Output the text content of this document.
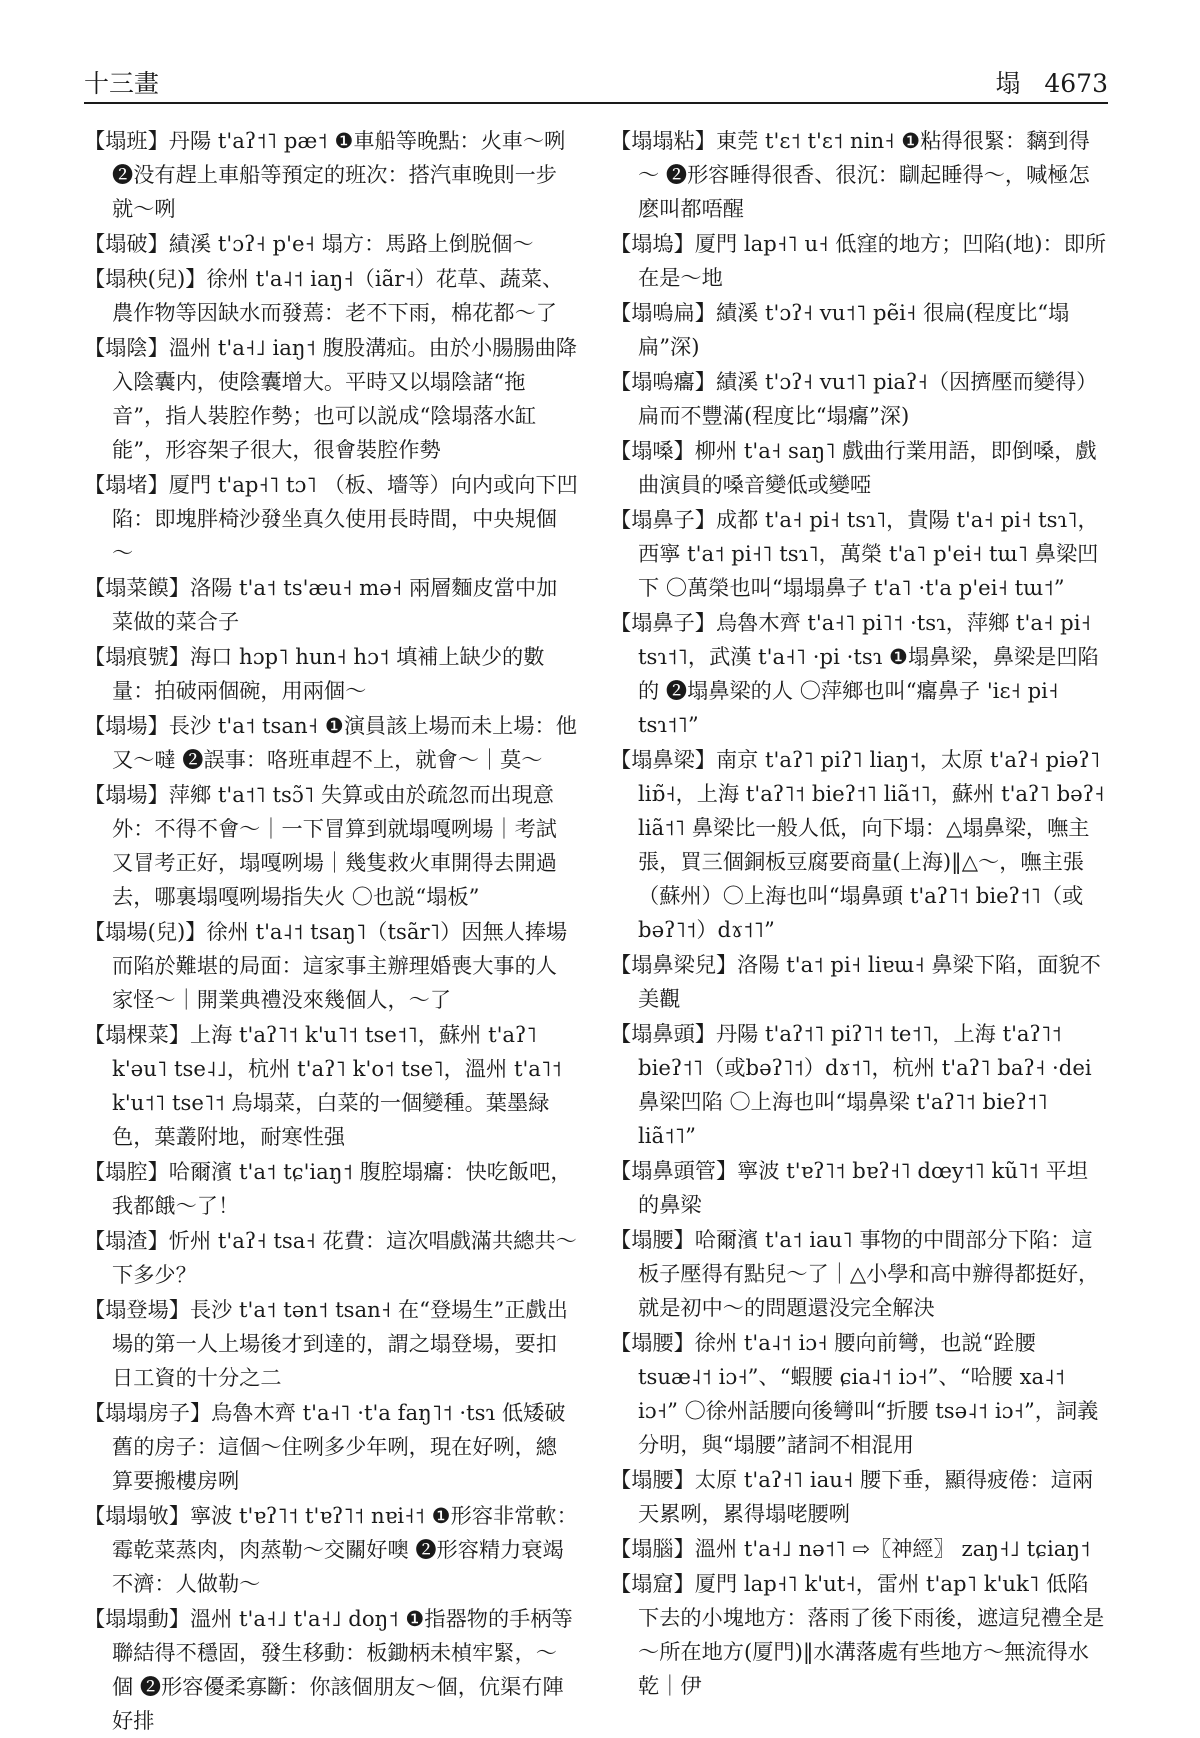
十三畫	塌 4673

【塌班】丹陽 t'aʔ˦˥ pæ˦ ❶車船等晚點：火車～咧 ❷没有趕上車船等預定的班次：搭汽車晚則一步就～咧

【塌破】績溪 t'ɔʔ˧ p'e˧ 塌方：馬路上倒脱個～

【塌秧(兒)】徐州 t'a˨˦ iaŋ˧（iãr˧）花草、蔬菜、農作物等因缺水而發蔫：老不下雨，棉花都～了

【塌陰】溫州 t'a˧˩ iaŋ˦ 腹股溝疝。由於小腸腸曲降入陰囊内，使陰囊增大。平時又以塌陰諸“拖音”，指人裝腔作勢；也可以説成“陰塌落水缸能”，形容架子很大，很會裝腔作勢

【塌堵】厦門 t'ap˧˥ tɔ˥ （板、墻等）向内或向下凹陷：即塊胖椅沙發坐真久使用長時間，中央規個～

【塌菜饃】洛陽 t'a˦ ts'æu˧ mə˧ 兩層麵皮當中加菜做的菜合子

【塌痕號】海口 hɔp˥ hun˧ hɔ˦ 填補上缺少的數量：拍破兩個碗，用兩個～

【塌場】長沙 t'a˦ tsan˧ ❶演員該上場而未上場：他又～噠 ❷誤事：咯班車趕不上，就會～｜莫～

【塌場】萍鄉 t'a˦˥ tsɔ̃˥ 失算或由於疏忽而出現意外：不得不會～｜一下冒算到就塌嘎咧場｜考試又冒考正好，塌嘎咧場｜幾隻救火車開得去開過去，哪裏塌嘎咧場指失火 〇也説“塌板”

【塌場(兒)】徐州 t'a˨˦ tsaŋ˥（tsãr˥）因無人捧場而陷於難堪的局面：這家事主辦理婚喪大事的人家怪～｜開業典禮没來幾個人，～了

【塌棵菜】上海 t'aʔ˥˦ k'u˥˦ tse˦˥，蘇州 t'aʔ˥ k'əu˥ tse˨˩，杭州 t'aʔ˥ k'o˦ tse˥，溫州 t'a˥˦ k'u˦˥ tse˥˦ 烏塌菜，白菜的一個變種。葉墨緑色，葉叢附地，耐寒性强

【塌腔】哈爾濱 t'a˦ tɕ'iaŋ˦ 腹腔塌癟：快吃飯吧，我都餓～了！

【塌渣】忻州 t'aʔ˧ tsa˧ 花費：這次唱戲滿共總共～下多少？

【塌登場】長沙 t'a˦ tən˦ tsan˧ 在“登場生”正戲出場的第一人上場後才到達的，謂之塌登場，要扣日工資的十分之二

【塌塌房子】烏魯木齊 t'a˧˥ ·t'a faŋ˥˦ ·tsɿ 低矮破舊的房子：這個～住咧多少年咧，現在好咧，總算要搬樓房咧

【塌塌敂】寧波 t'ɐʔ˥˦ t'ɐʔ˥˦ nɐi˧˦ ❶形容非常軟：霉乾菜蒸肉，肉蒸勒～交關好噢 ❷形容精力衰竭不濟：人做勒～

【塌塌動】溫州 t'a˧˩ t'a˧˩ doŋ˦ ❶指器物的手柄等聯結得不穩固，發生移動：板鋤柄未楨牢緊，～個 ❷形容優柔寡斷：你該個朋友～個，伉渠冇陣好排

【塌塌粘】東莞 t'ɛ˦ t'ɛ˦ nin˧ ❶粘得很緊：黐到得～ ❷形容睡得很香、很沉：瞓起睡得～，喊極怎麽叫都唔醒

【塌塢】厦門 lap˧˥ u˧ 低窪的地方；凹陷(地)：即所在是～地

【塌嗚扁】績溪 t'ɔʔ˧ vu˦˥ pẽi˧ 很扁(程度比“塌扁”深)

【塌嗚癟】績溪 t'ɔʔ˧ vu˦˥ piaʔ˧（因擠壓而變得）扁而不豐滿(程度比“塌癟”深)

【塌嗓】柳州 t'a˧ saŋ˥ 戲曲行業用語，即倒嗓，戲曲演員的嗓音變低或變啞

【塌鼻子】成都 t'a˧ pi˧ tsɿ˥，貴陽 t'a˧ pi˧ tsɿ˥，西寧 t'a˦ pi˧˥ tsɿ˥，萬榮 t'a˥ p'ei˧ tɯ˥ 鼻梁凹下 〇萬榮也叫“塌塌鼻子 t'a˥ ·t'a p'ei˧ tɯ˦”

【塌鼻子】烏魯木齊 t'a˧˥ pi˥˦ ·tsɿ，萍鄉 t'a˧ pi˧ tsɿ˦˥，武漢 t'a˧˥ ·pi ·tsɿ ❶塌鼻梁，鼻梁是凹陷的 ❷塌鼻梁的人 〇萍鄉也叫“癟鼻子 'iɛ˧ pi˧ tsɿ˦˥”

【塌鼻梁】南京 t'aʔ˥ piʔ˥ liaŋ˦，太原 t'aʔ˧ piəʔ˥ liɒ̃˧，上海 t'aʔ˥˦ bieʔ˦˥ liã˦˥，蘇州 t'aʔ˥ bəʔ˧ liã˦˥ 鼻梁比一般人低，向下塌：△塌鼻梁，嘸主張，買三個銅板豆腐要商量(上海)‖△～，嘸主張（蘇州）〇上海也叫“塌鼻頭 t'aʔ˥˦ bieʔ˦˥（或bəʔ˥˦）dɤ˦˥”

【塌鼻梁兒】洛陽 t'a˦ pi˧ liɐɯ˧ 鼻梁下陷，面貌不美觀

【塌鼻頭】丹陽 t'aʔ˦˥ piʔ˥˦ te˦˥，上海 t'aʔ˥˦ bieʔ˦˥（或bəʔ˥˦）dɤ˦˥，杭州 t'aʔ˥ baʔ˧ ·dei 鼻梁凹陷 〇上海也叫“塌鼻梁 t'aʔ˥˦ bieʔ˦˥ liã˦˥”

【塌鼻頭管】寧波 t'ɐʔ˥˦ bɐʔ˧˥ dœy˦˥ kũ˥˦ 平坦的鼻梁

【塌腰】哈爾濱 t'a˦ iau˥ 事物的中間部分下陷：這板子壓得有點兒～了｜△小學和高中辦得都挺好，就是初中～的問題還没完全解決

【塌腰】徐州 t'a˨˦ iɔ˧ 腰向前彎，也説“跧腰 tsuæ˨˦ iɔ˧”、“蝦腰 ɕia˨˦ iɔ˧”、“哈腰 xa˨˦ iɔ˧” 〇徐州話腰向後彎叫“折腰 tsə˨˦ iɔ˧”，詞義分明，與“塌腰”諸詞不相混用

【塌腰】太原 t'aʔ˧˥ iau˧ 腰下垂，顯得疲倦：這兩天累咧，累得塌咾腰咧

【塌腦】溫州 t'a˧˩ nə˦˥ ⇨〖神經〗 zaŋ˧˩ tɕiaŋ˦

【塌窟】厦門 lap˧˥ k'ut˧，雷州 t'ap˥ k'uk˥ 低陷下去的小塊地方：落雨了後下雨後，遮這兒禮全是～所在地方(厦門)‖水溝落處有些地方～無流得水乾｜伊
